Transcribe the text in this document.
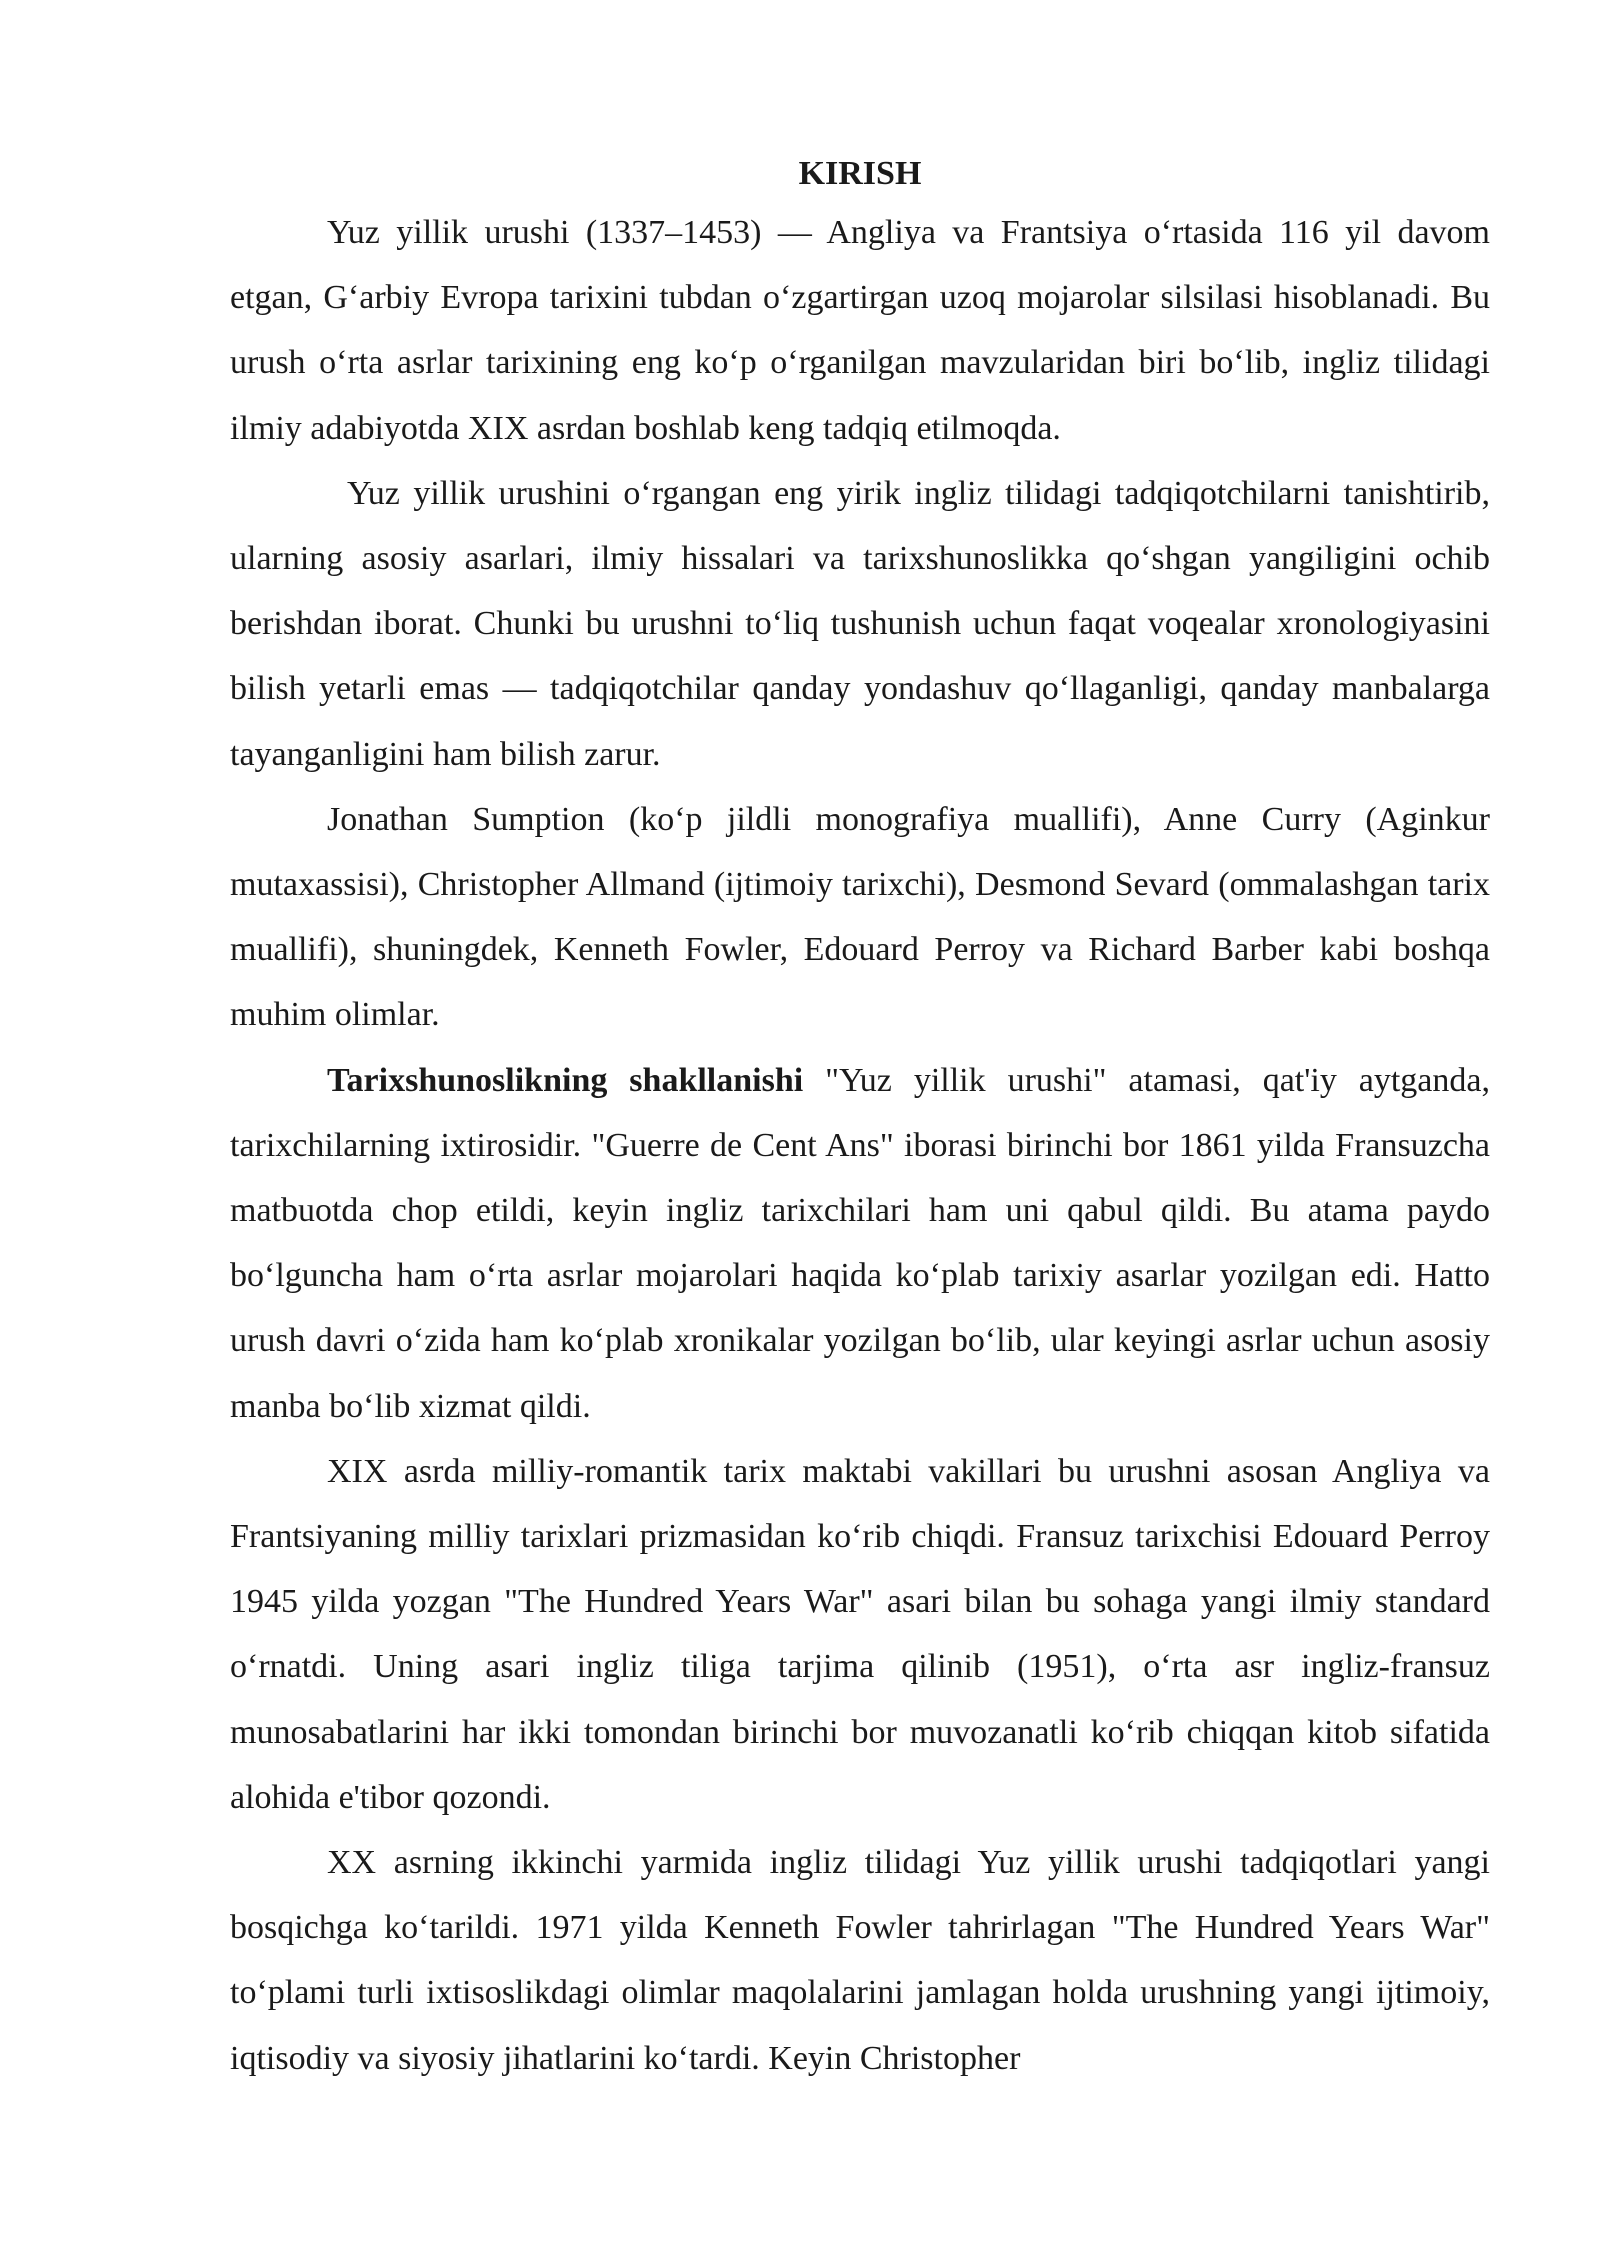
KIRISH

Yuz yillik urushi (1337–1453) — Angliya va Frantsiya o‘rtasida 116 yil davom etgan, G‘arbiy Evropa tarixini tubdan o‘zgartirgan uzoq mojarolar silsilasi hisoblanadi. Bu urush o‘rta asrlar tarixining eng ko‘p o‘rganilgan mavzularidan biri bo‘lib, ingliz tilidagi ilmiy adabiyotda XIX asrdan boshlab keng tadqiq etilmoqda.

Yuz yillik urushini o‘rgangan eng yirik ingliz tilidagi tadqiqotchilarni tanishtirib, ularning asosiy asarlari, ilmiy hissalari va tarixshunoslikka qo‘shgan yangiligini ochib berishdan iborat. Chunki bu urushni to‘liq tushunish uchun faqat voqealar xronologiyasini bilish yetarli emas — tadqiqotchilar qanday yondashuv qo‘llaganligi, qanday manbalarga tayanganligini ham bilish zarur.

Jonathan Sumption (ko‘p jildli monografiya muallifi), Anne Curry (Aginkur mutaxassisi), Christopher Allmand (ijtimoiy tarixchi), Desmond Sevard (ommalashgan tarix muallifi), shuningdek, Kenneth Fowler, Edouard Perroy va Richard Barber kabi boshqa muhim olimlar.

Tarixshunoslikning shakllanishi "Yuz yillik urushi" atamasi, qat'iy aytganda, tarixchilarning ixtirosidir. "Guerre de Cent Ans" iborasi birinchi bor 1861 yilda Fransuzcha matbuotda chop etildi, keyin ingliz tarixchilari ham uni qabul qildi. Bu atama paydo bo‘lguncha ham o‘rta asrlar mojarolari haqida ko‘plab tarixiy asarlar yozilgan edi. Hatto urush davri o‘zida ham ko‘plab xronikalar yozilgan bo‘lib, ular keyingi asrlar uchun asosiy manba bo‘lib xizmat qildi.

XIX asrda milliy-romantik tarix maktabi vakillari bu urushni asosan Angliya va Frantsiyaning milliy tarixlari prizmasidan ko‘rib chiqdi. Fransuz tarixchisi Edouard Perroy 1945 yilda yozgan "The Hundred Years War" asari bilan bu sohaga yangi ilmiy standard o‘rnatdi. Uning asari ingliz tiliga tarjima qilinib (1951), o‘rta asr ingliz-fransuz munosabatlarini har ikki tomondan birinchi bor muvozanatli ko‘rib chiqqan kitob sifatida alohida e'tibor qozondi.

XX asrning ikkinchi yarmida ingliz tilidagi Yuz yillik urushi tadqiqotlari yangi bosqichga ko‘tarildi. 1971 yilda Kenneth Fowler tahrirlagan "The Hundred Years War" to‘plami turli ixtisoslikdagi olimlar maqolalarini jamlagan holda urushning yangi ijtimoiy, iqtisodiy va siyosiy jihatlarini ko‘tardi. Keyin Christopher
